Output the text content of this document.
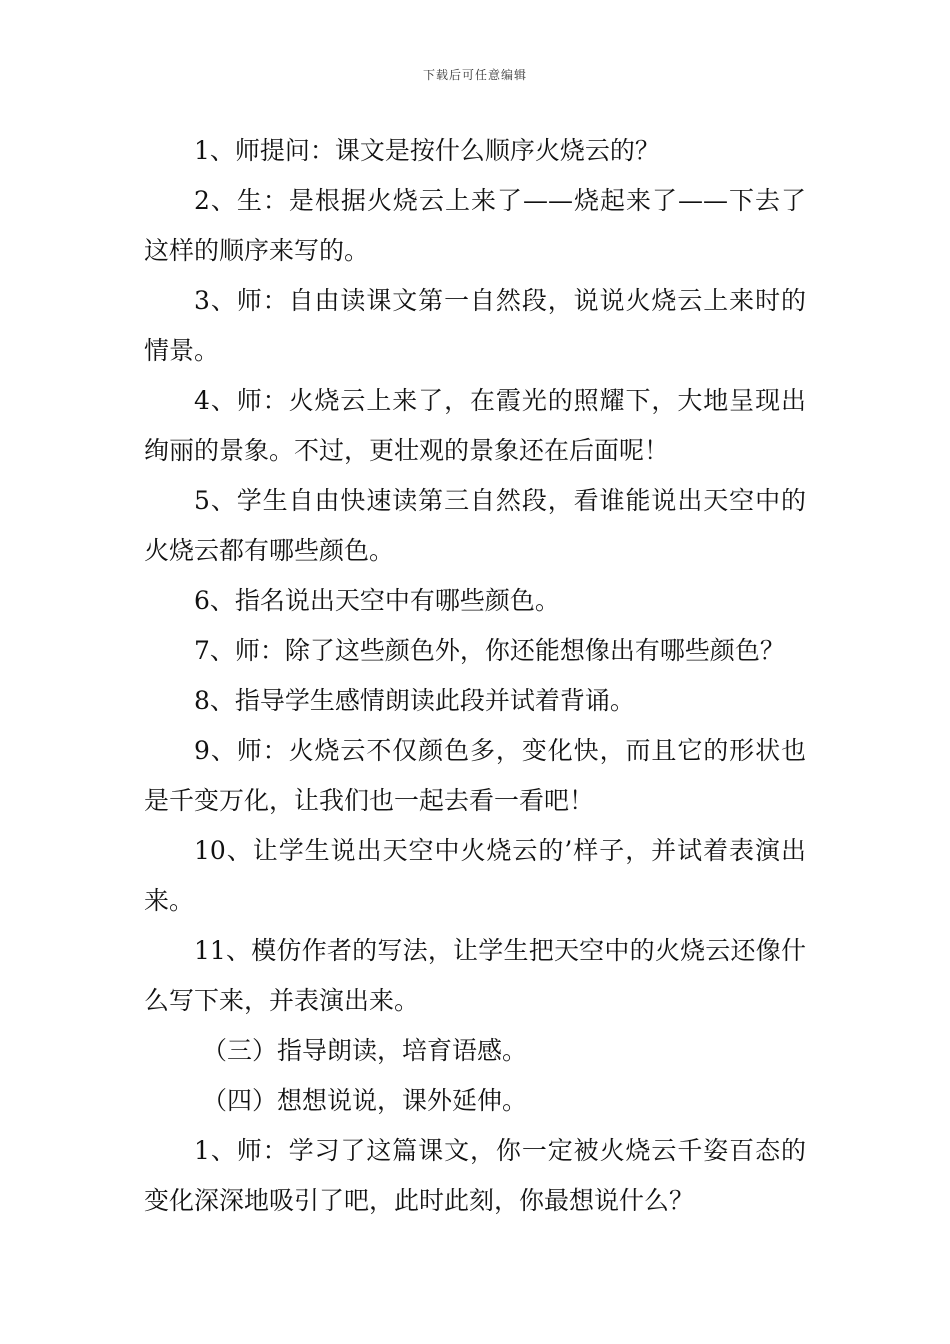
下载后可任意编辑

1、师提问：课文是按什么顺序火烧云的？

2、生：是根据火烧云上来了——烧起来了——下去了这样的顺序来写的。

3、师：自由读课文第一自然段，说说火烧云上来时的情景。

4、师：火烧云上来了，在霞光的照耀下，大地呈现出绚丽的景象。不过，更壮观的景象还在后面呢！

5、学生自由快速读第三自然段，看谁能说出天空中的火烧云都有哪些颜色。

6、指名说出天空中有哪些颜色。

7、师：除了这些颜色外，你还能想像出有哪些颜色？

8、指导学生感情朗读此段并试着背诵。

9、师：火烧云不仅颜色多，变化快，而且它的形状也是千变万化，让我们也一起去看一看吧！

10、让学生说出天空中火烧云的’样子，并试着表演出来。

11、模仿作者的写法，让学生把天空中的火烧云还像什么写下来，并表演出来。

（三）指导朗读，培育语感。

（四）想想说说，课外延伸。

1、师：学习了这篇课文，你一定被火烧云千姿百态的变化深深地吸引了吧，此时此刻，你最想说什么？
